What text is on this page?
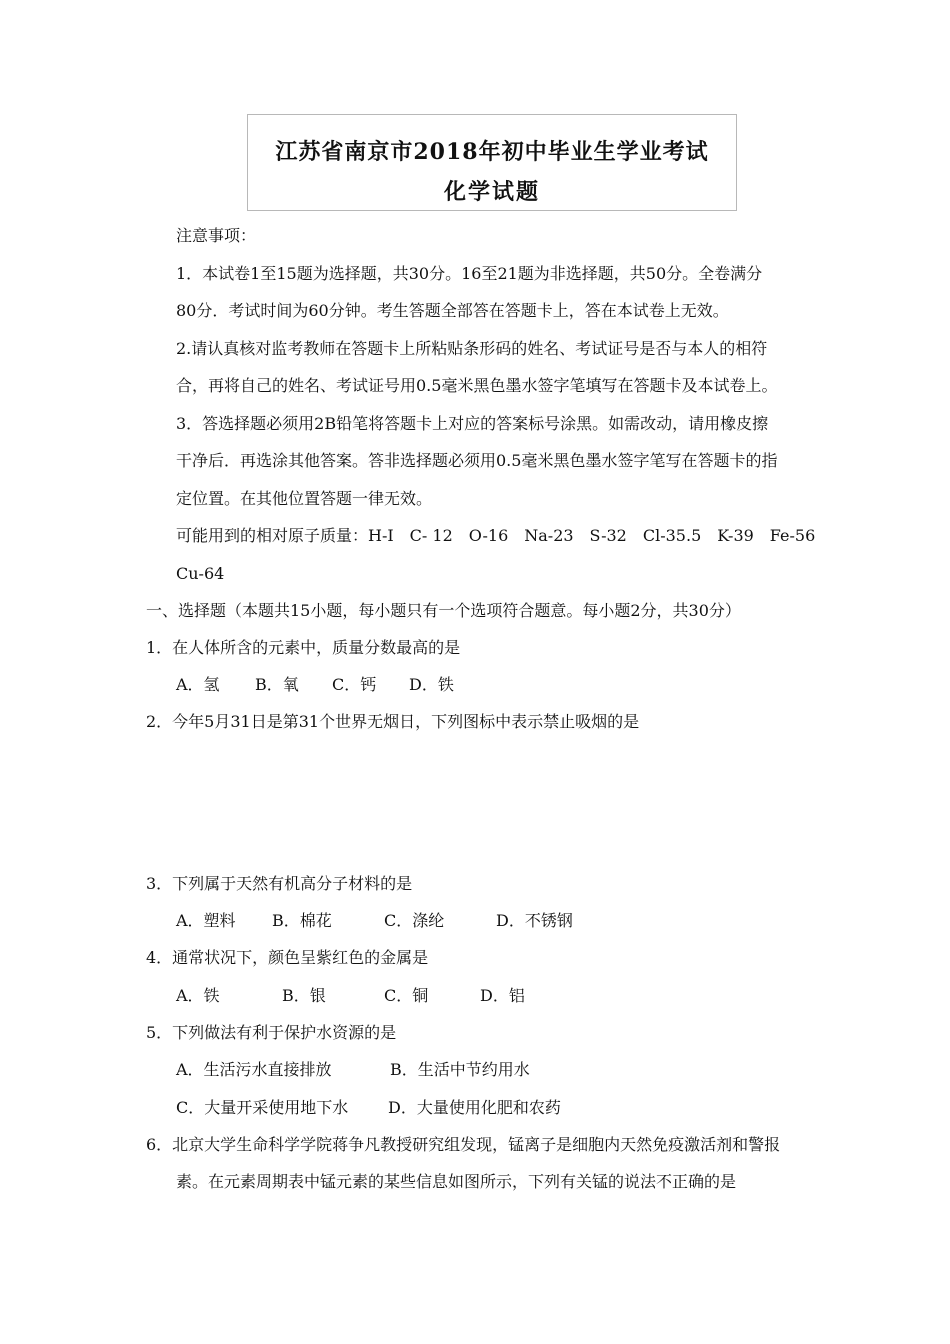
江苏省南京市2018年初中毕业生学业考试
化学试题
注意事项：
1．本试卷1至15题为选择题，共30分。16至21题为非选择题，共50分。全卷满分
80分．考试时间为60分钟。考生答题全部答在答题卡上，答在本试卷上无效。
2.请认真核对监考教师在答题卡上所粘贴条形码的姓名、考试证号是否与本人的相符
合，再将自己的姓名、考试证号用0.5毫米黑色墨水签字笔填写在答题卡及本试卷上。
3．答选择题必须用2B铅笔将答题卡上对应的答案标号涂黑。如需改动，请用橡皮擦
干净后．再选涂其他答案。答非选择题必须用0.5毫米黑色墨水签字笔写在答题卡的指
定位置。在其他位置答题一律无效。
可能用到的相对原子质量：H-I　C- 12　O-16　Na-23　S-32　Cl-35.5　K-39　Fe-56
Cu-64
一、选择题（本题共15小题，每小题只有一个选项符合题意。每小题2分，共30分）
1．在人体所含的元素中，质量分数最高的是
A．氢 B．氧 C．钙 D．铁
2．今年5月31日是第31个世界无烟日，下列图标中表示禁止吸烟的是
3．下列属于天然有机高分子材料的是
A．塑料 B．棉花	C．涤纶	D．不锈钢
4．通常状况下，颜色呈紫红色的金属是
A．铁	B．银	C．铜	D．铝
5．下列做法有利于保护水资源的是
A．生活污水直接排放	B．生活中节约用水
C．大量开采使用地下水 D．大量使用化肥和农药
6．北京大学生命科学学院蒋争凡教授研究组发现，锰离子是细胞内天然免疫激活剂和警报
素。在元素周期表中锰元素的某些信息如图所示，下列有关锰的说法不正确的是
